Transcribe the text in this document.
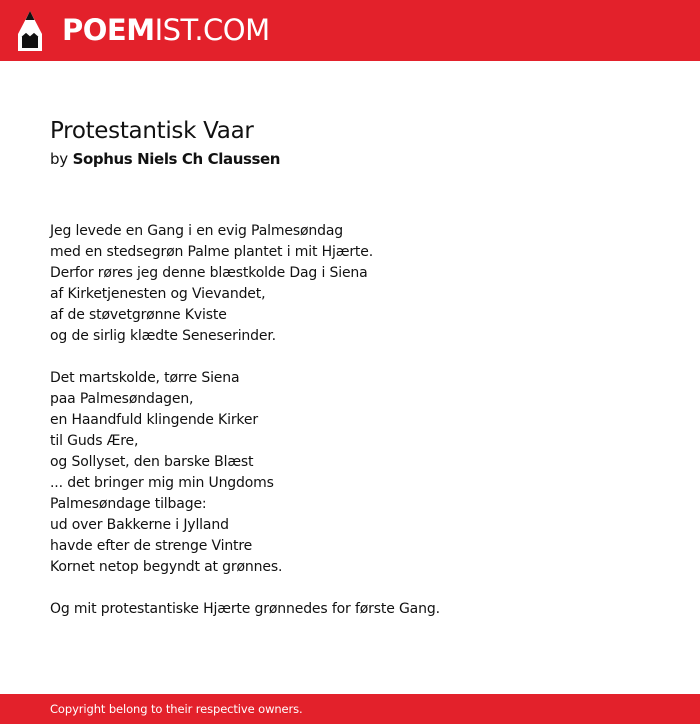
POEMIST.COM
Protestantisk Vaar
by Sophus Niels Ch Claussen
Jeg levede en Gang i en evig Palmesøndag
med en stedsegrøn Palme plantet i mit Hjærte.
Derfor røres jeg denne blæstkolde Dag i Siena
af Kirketjenesten og Vievandet,
af de støvetgrønne Kviste
og de sirlig klædte Seneserinder.
Det martskolde, tørre Siena
paa Palmesøndagen,
en Haandfuld klingende Kirker
til Guds Ære,
og Sollyset, den barske Blæst
... det bringer mig min Ungdoms
Palmesøndage tilbage:
ud over Bakkerne i Jylland
havde efter de strenge Vintre
Kornet netop begyndt at grønnes.
Og mit protestantiske Hjærte grønnedes for første Gang.
Copyright belong to their respective owners.
